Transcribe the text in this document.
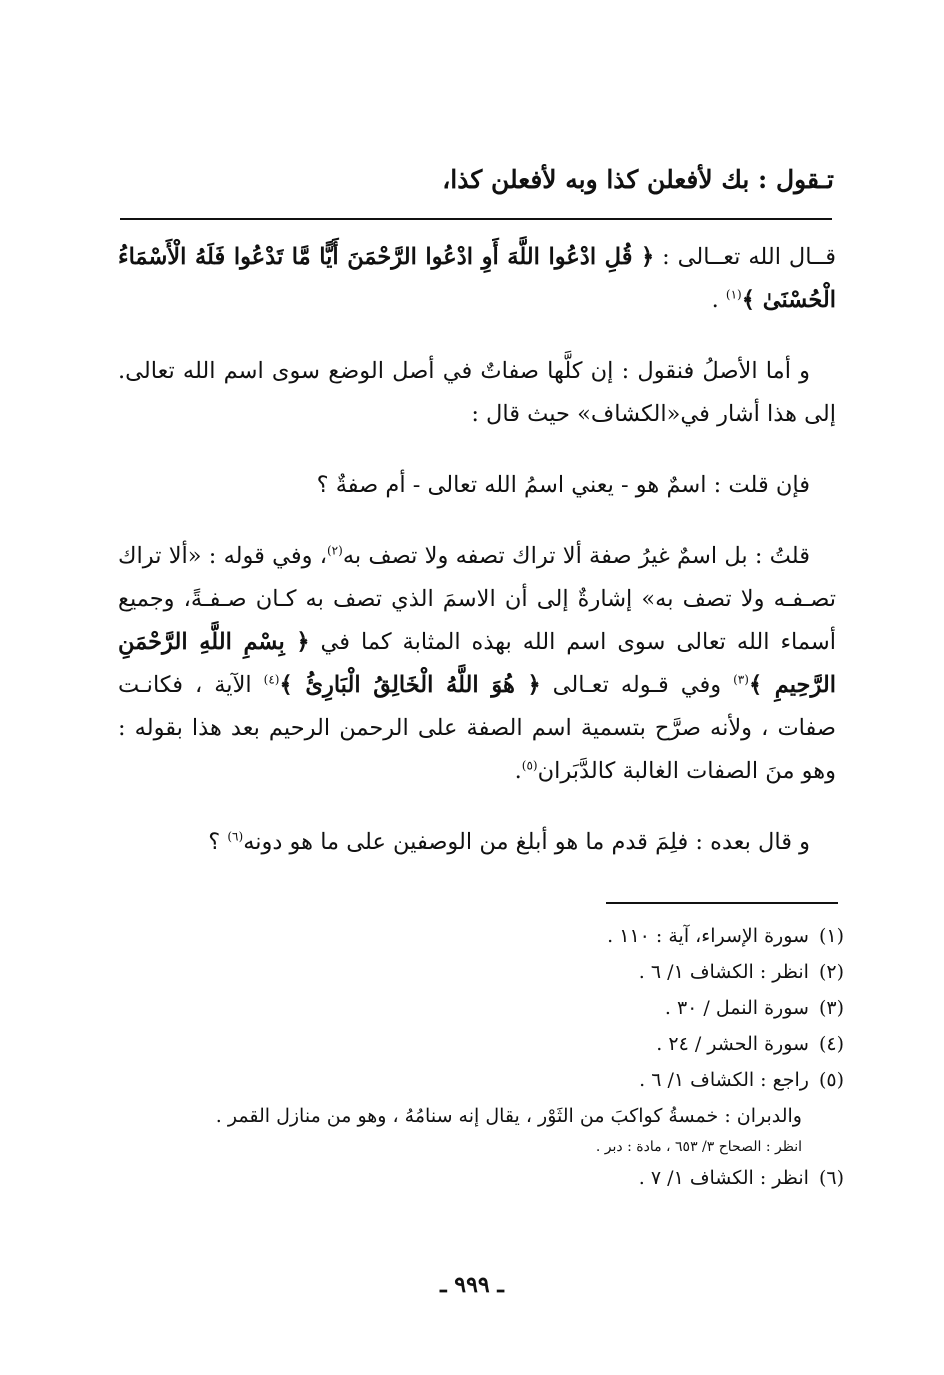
تـقول : بك لأفعلن كذا وبه لأفعلن كذا،

قــال الله تعــالى : ﴿ قُلِ ادْعُوا اللَّهَ أَوِ ادْعُوا الرَّحْمَنَ أَيًّا مَّا تَدْعُوا فَلَهُ الْأَسْمَاءُ الْحُسْنَىٰ ﴾$^{(١)}$ .

و أما الأصلُ فنقول : إن كلَّها صفاتٌ في أصل الوضع سوى اسم الله تعالى. إلى هذا أشار في«الكشاف» حيث قال :

فإن قلت : اسمٌ هو - يعني اسمُ الله تعالى - أم صفةٌ ؟

قلتُ : بل اسمٌ غيرُ صفة ألا تراك تصفه ولا تصف به$^{(٢)}$، وفي قوله : «ألا تراك تصـفـه ولا تصف به» إشارةٌ إلى أن الاسمَ الذي تصف به كـان صـفـةً، وجميع أسماء الله تعالى سوى اسم الله بهذه المثابة كما في ﴿ بِسْمِ اللَّهِ الرَّحْمَنِ الرَّحِيمِ ﴾$^{(٣)}$ وفي قـوله تعـالى ﴿ هُوَ اللَّهُ الْخَالِقُ الْبَارِئُ ﴾$^{(٤)}$ الآية ، فكانـت صفات ، ولأنه صرَّح بتسمية اسم الصفة على الرحمن الرحيم بعد هذا بقوله : وهو منَ الصفات الغالبة كالدَّبَران$^{(٥)}$.

و قال بعده : فلِمَ قدم ما هو أبلغ من الوصفين على ما هو دونه$^{(٦)}$ ؟

(١)سورة الإسراء، آية : ١١٠ .
(٢)انظر : الكشاف ١/ ٦ .
(٣)سورة النمل / ٣٠ .
(٤)سورة الحشر / ٢٤ .
(٥)راجع : الكشاف ١/ ٦ .
والدبران : خمسةُ كواكبَ من الثَوْر ، يقال إنه سنامُهُ ، وهو من منازل القمر .
انظر : الصحاح ٣/ ٦٥٣ ، مادة : دبر .
(٦)انظر : الكشاف ١/ ٧ .
ـ ٩٩٩ ـ
